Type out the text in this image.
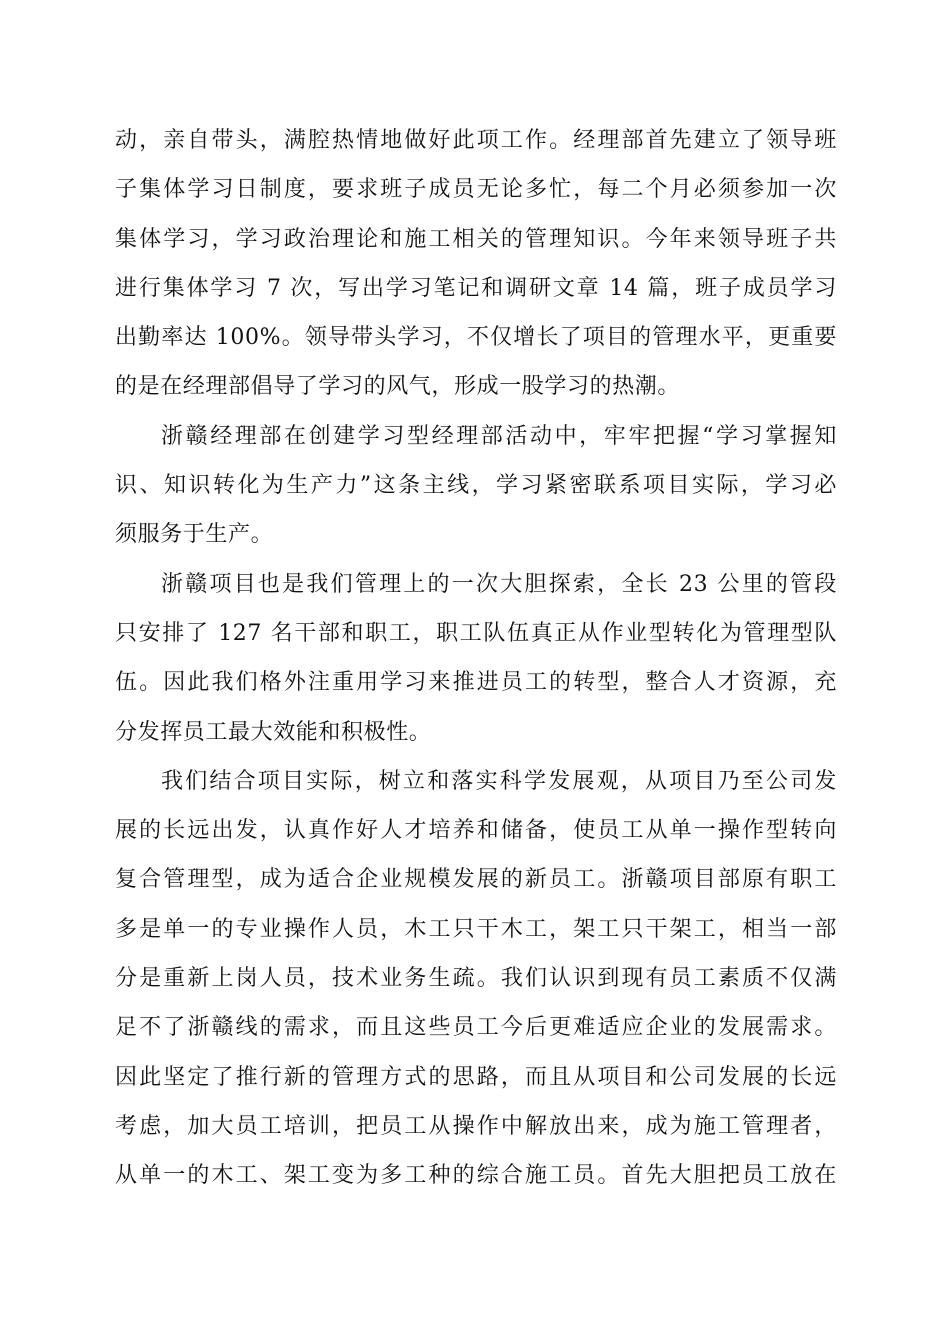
动，亲自带头，满腔热情地做好此项工作。经理部首先建立了领导班
子集体学习日制度，要求班子成员无论多忙，每二个月必须参加一次
集体学习，学习政治理论和施工相关的管理知识。今年来领导班子共
进行集体学习 7 次，写出学习笔记和调研文章 14 篇，班子成员学习
出勤率达 100%。领导带头学习，不仅增长了项目的管理水平，更重要
的是在经理部倡导了学习的风气，形成一股学习的热潮。
浙赣经理部在创建学习型经理部活动中，牢牢把握“学习掌握知
识、知识转化为生产力”这条主线，学习紧密联系项目实际，学习必
须服务于生产。
浙赣项目也是我们管理上的一次大胆探索，全长 23 公里的管段
只安排了 127 名干部和职工，职工队伍真正从作业型转化为管理型队
伍。因此我们格外注重用学习来推进员工的转型，整合人才资源，充
分发挥员工最大效能和积极性。
我们结合项目实际，树立和落实科学发展观，从项目乃至公司发
展的长远出发，认真作好人才培养和储备，使员工从单一操作型转向
复合管理型，成为适合企业规模发展的新员工。浙赣项目部原有职工
多是单一的专业操作人员，木工只干木工，架工只干架工，相当一部
分是重新上岗人员，技术业务生疏。我们认识到现有员工素质不仅满
足不了浙赣线的需求，而且这些员工今后更难适应企业的发展需求。
因此坚定了推行新的管理方式的思路，而且从项目和公司发展的长远
考虑，加大员工培训，把员工从操作中解放出来，成为施工管理者，
从单一的木工、架工变为多工种的综合施工员。首先大胆把员工放在
